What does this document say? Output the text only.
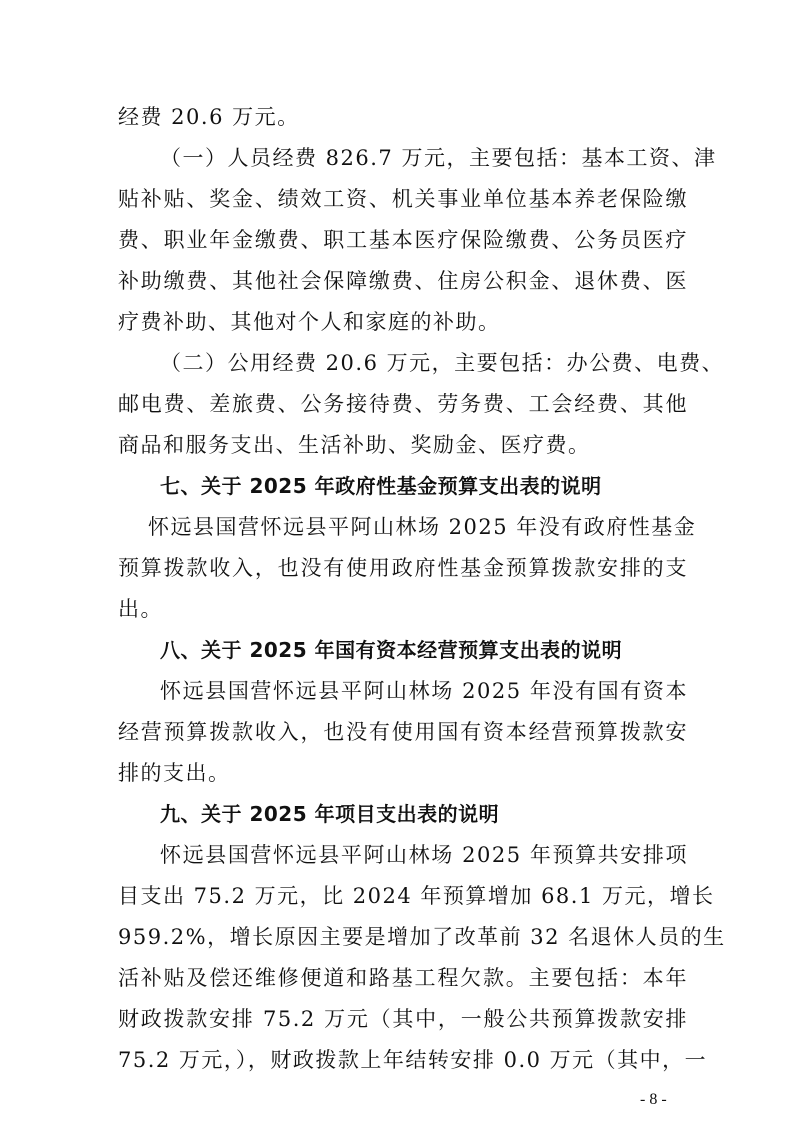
经费 20.6 万元。
（一）人员经费 826.7 万元，主要包括：基本工资、津
贴补贴、奖金、绩效工资、机关事业单位基本养老保险缴
费、职业年金缴费、职工基本医疗保险缴费、公务员医疗
补助缴费、其他社会保障缴费、住房公积金、退休费、医
疗费补助、其他对个人和家庭的补助。
（二）公用经费 20.6 万元，主要包括：办公费、电费、
邮电费、差旅费、公务接待费、劳务费、工会经费、其他
商品和服务支出、生活补助、奖励金、医疗费。
七、关于 2025 年政府性基金预算支出表的说明
怀远县国营怀远县平阿山林场 2025 年没有政府性基金
预算拨款收入，也没有使用政府性基金预算拨款安排的支
出。
八、关于 2025 年国有资本经营预算支出表的说明
怀远县国营怀远县平阿山林场 2025 年没有国有资本
经营预算拨款收入，也没有使用国有资本经营预算拨款安
排的支出。
九、关于 2025 年项目支出表的说明
怀远县国营怀远县平阿山林场 2025 年预算共安排项
目支出 75.2 万元，比 2024 年预算增加 68.1 万元，增长
959.2%，增长原因主要是增加了改革前 32 名退休人员的生
活补贴及偿还维修便道和路基工程欠款。主要包括：本年
财政拨款安排 75.2 万元（其中，一般公共预算拨款安排
75.2 万元，），财政拨款上年结转安排 0.0 万元（其中，一
- 8 -
